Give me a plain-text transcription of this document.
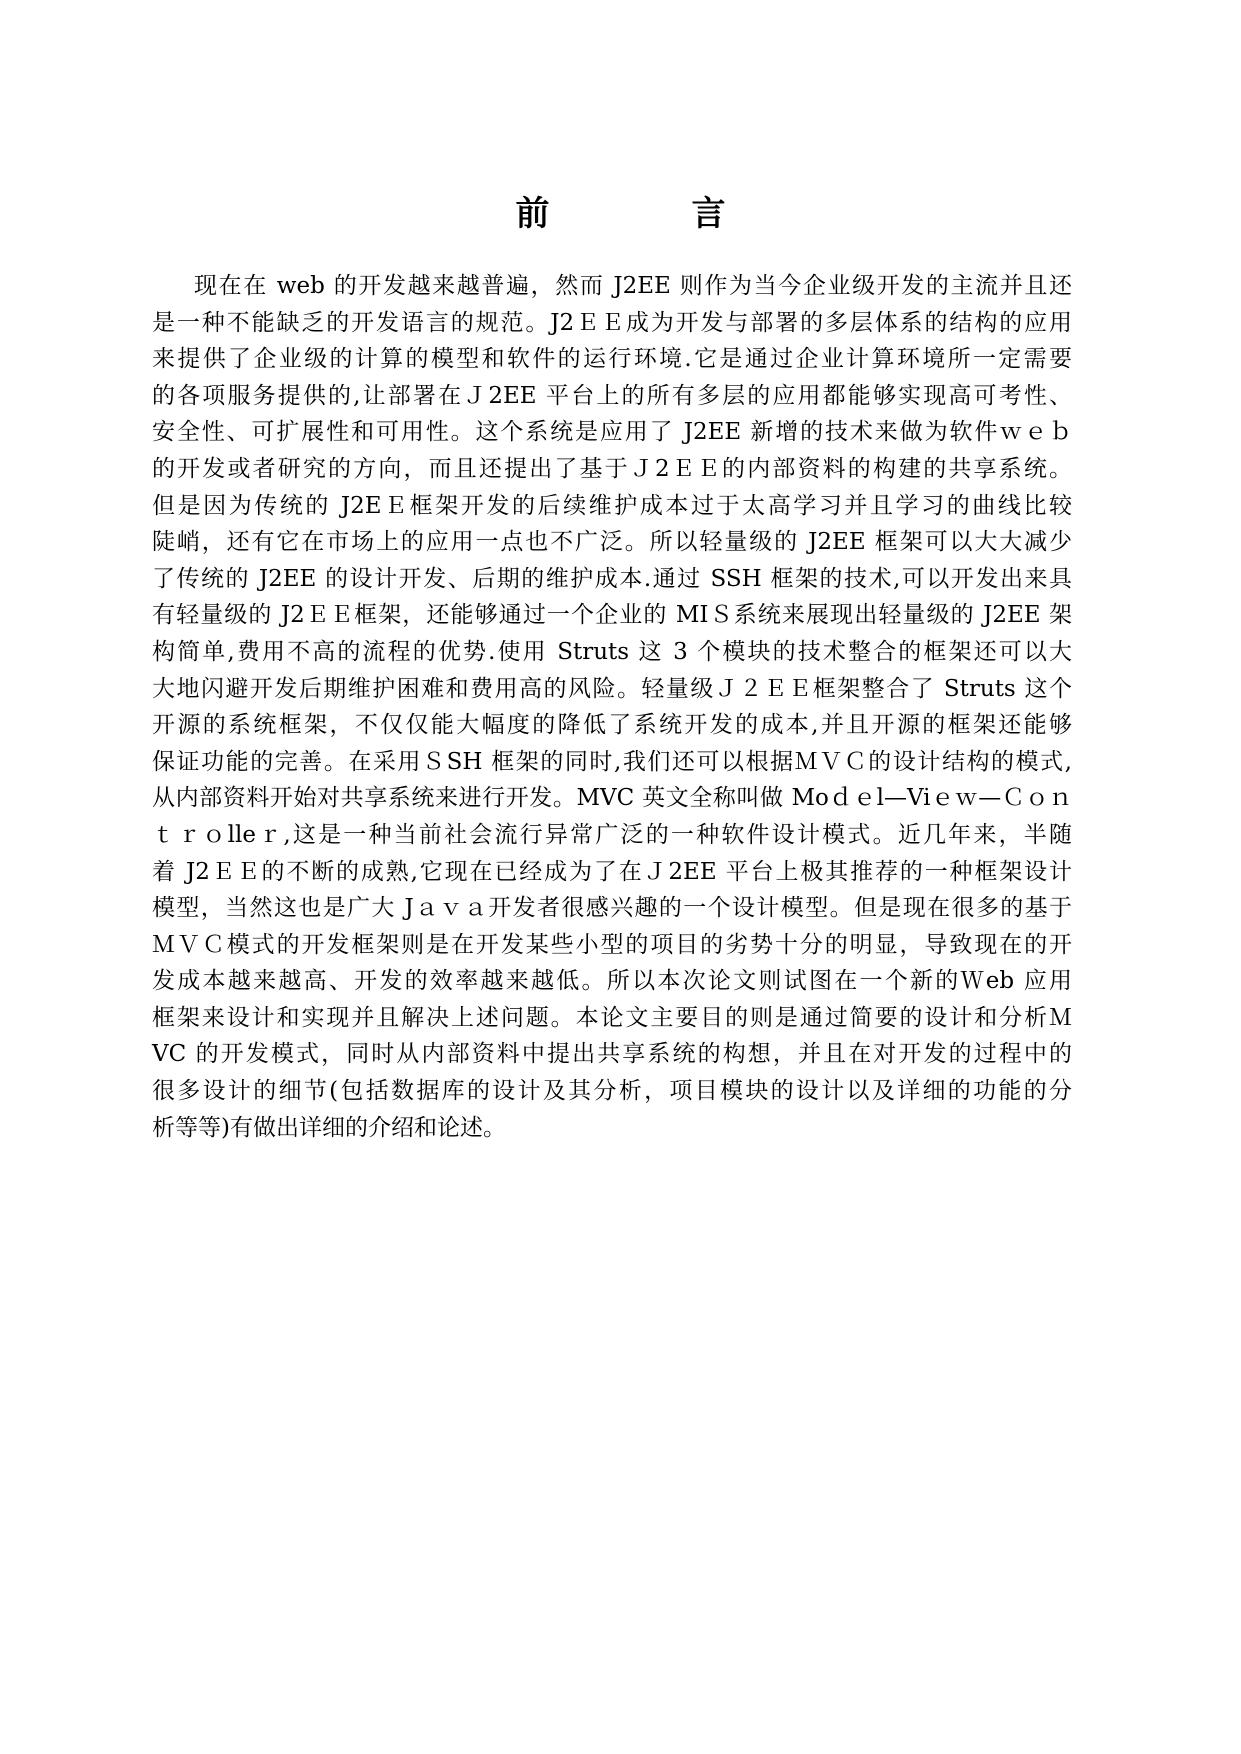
前　言
现在在 web 的开发越来越普遍，然而 J2EE 则作为当今企业级开发的主流并且还
是一种不能缺乏的开发语言的规范。J2ＥＥ成为开发与部署的多层体系的结构的应用
来提供了企业级的计算的模型和软件的运行环境.它是通过企业计算环境所一定需要
的各项服务提供的,让部署在Ｊ2EE 平台上的所有多层的应用都能够实现高可考性、
安全性、可扩展性和可用性。这个系统是应用了 J2EE 新增的技术来做为软件ｗｅｂ
的开发或者研究的方向，而且还提出了基于Ｊ2ＥＥ的内部资料的构建的共享系统。
但是因为传统的 J2EＥ框架开发的后续维护成本过于太高学习并且学习的曲线比较
陡峭，还有它在市场上的应用一点也不广泛。所以轻量级的 J2EE 框架可以大大减少
了传统的 J2EE 的设计开发、后期的维护成本.通过 SSH 框架的技术,可以开发出来具
有轻量级的 J2ＥＥ框架，还能够通过一个企业的 MIＳ系统来展现出轻量级的 J2EE 架
构简单,费用不高的流程的优势.使用 Struts 这 3 个模块的技术整合的框架还可以大
大地闪避开发后期维护困难和费用高的风险。轻量级Ｊ２ＥＥ框架整合了 Struts 这个
开源的系统框架，不仅仅能大幅度的降低了系统开发的成本,并且开源的框架还能够
保证功能的完善。在采用ＳSH 框架的同时,我们还可以根据ＭＶＣ的设计结构的模式,
从内部资料开始对共享系统来进行开发。MVC 英文全称叫做 Moｄｅl—Viｅｗ—Ｃｏｎ
ｔｒｏlleｒ,这是一种当前社会流行异常广泛的一种软件设计模式。近几年来，半随
着 J2ＥＥ的不断的成熟,它现在已经成为了在Ｊ2EE 平台上极其推荐的一种框架设计
模型，当然这也是广大 Jａｖａ开发者很感兴趣的一个设计模型。但是现在很多的基于
ＭＶＣ模式的开发框架则是在开发某些小型的项目的劣势十分的明显，导致现在的开
发成本越来越高、开发的效率越来越低。所以本次论文则试图在一个新的Ｗeb 应用
框架来设计和实现并且解决上述问题。本论文主要目的则是通过简要的设计和分析Ｍ
VC 的开发模式，同时从内部资料中提出共享系统的构想，并且在对开发的过程中的
很多设计的细节(包括数据库的设计及其分析，项目模块的设计以及详细的功能的分
析等等)有做出详细的介绍和论述。
